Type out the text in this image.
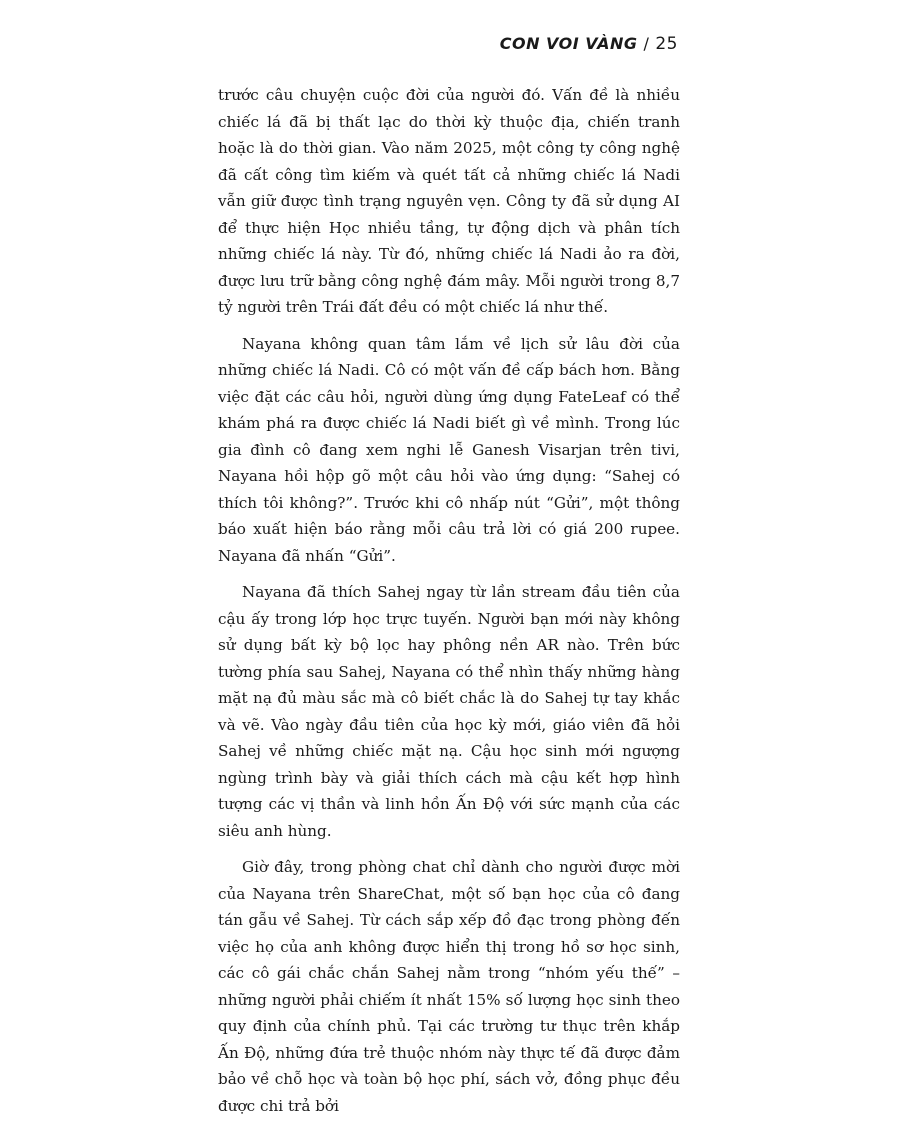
CON VOI VÀNG / 25

trước câu chuyện cuộc đời của người đó. Vấn đề là nhiều chiếc lá đã bị thất lạc do thời kỳ thuộc địa, chiến tranh hoặc là do thời gian. Vào năm 2025, một công ty công nghệ đã cất công tìm kiếm và quét tất cả những chiếc lá Nadi vẫn giữ được tình trạng nguyên vẹn. Công ty đã sử dụng AI để thực hiện Học nhiều tầng, tự động dịch và phân tích những chiếc lá này. Từ đó, những chiếc lá Nadi ảo ra đời, được lưu trữ bằng công nghệ đám mây. Mỗi người trong 8,7 tỷ người trên Trái đất đều có một chiếc lá như thế.

Nayana không quan tâm lắm về lịch sử lâu đời của những chiếc lá Nadi. Cô có một vấn đề cấp bách hơn. Bằng việc đặt các câu hỏi, người dùng ứng dụng FateLeaf có thể khám phá ra được chiếc lá Nadi biết gì về mình. Trong lúc gia đình cô đang xem nghi lễ Ganesh Visarjan trên tivi, Nayana hồi hộp gõ một câu hỏi vào ứng dụng: “Sahej có thích tôi không?”. Trước khi cô nhấp nút “Gửi”, một thông báo xuất hiện báo rằng mỗi câu trả lời có giá 200 rupee. Nayana đã nhấn “Gửi”.

Nayana đã thích Sahej ngay từ lần stream đầu tiên của cậu ấy trong lớp học trực tuyến. Người bạn mới này không sử dụng bất kỳ bộ lọc hay phông nền AR nào. Trên bức tường phía sau Sahej, Nayana có thể nhìn thấy những hàng mặt nạ đủ màu sắc mà cô biết chắc là do Sahej tự tay khắc và vẽ. Vào ngày đầu tiên của học kỳ mới, giáo viên đã hỏi Sahej về những chiếc mặt nạ. Cậu học sinh mới ngượng ngùng trình bày và giải thích cách mà cậu kết hợp hình tượng các vị thần và linh hồn Ấn Độ với sức mạnh của các siêu anh hùng.

Giờ đây, trong phòng chat chỉ dành cho người được mời của Nayana trên ShareChat, một số bạn học của cô đang tán gẫu về Sahej. Từ cách sắp xếp đồ đạc trong phòng đến việc họ của anh không được hiển thị trong hồ sơ học sinh, các cô gái chắc chắn Sahej nằm trong “nhóm yếu thế” – những người phải chiếm ít nhất 15% số lượng học sinh theo quy định của chính phủ. Tại các trường tư thục trên khắp Ấn Độ, những đứa trẻ thuộc nhóm này thực tế đã được đảm bảo về chỗ học và toàn bộ học phí, sách vở, đồng phục đều được chi trả bởi
